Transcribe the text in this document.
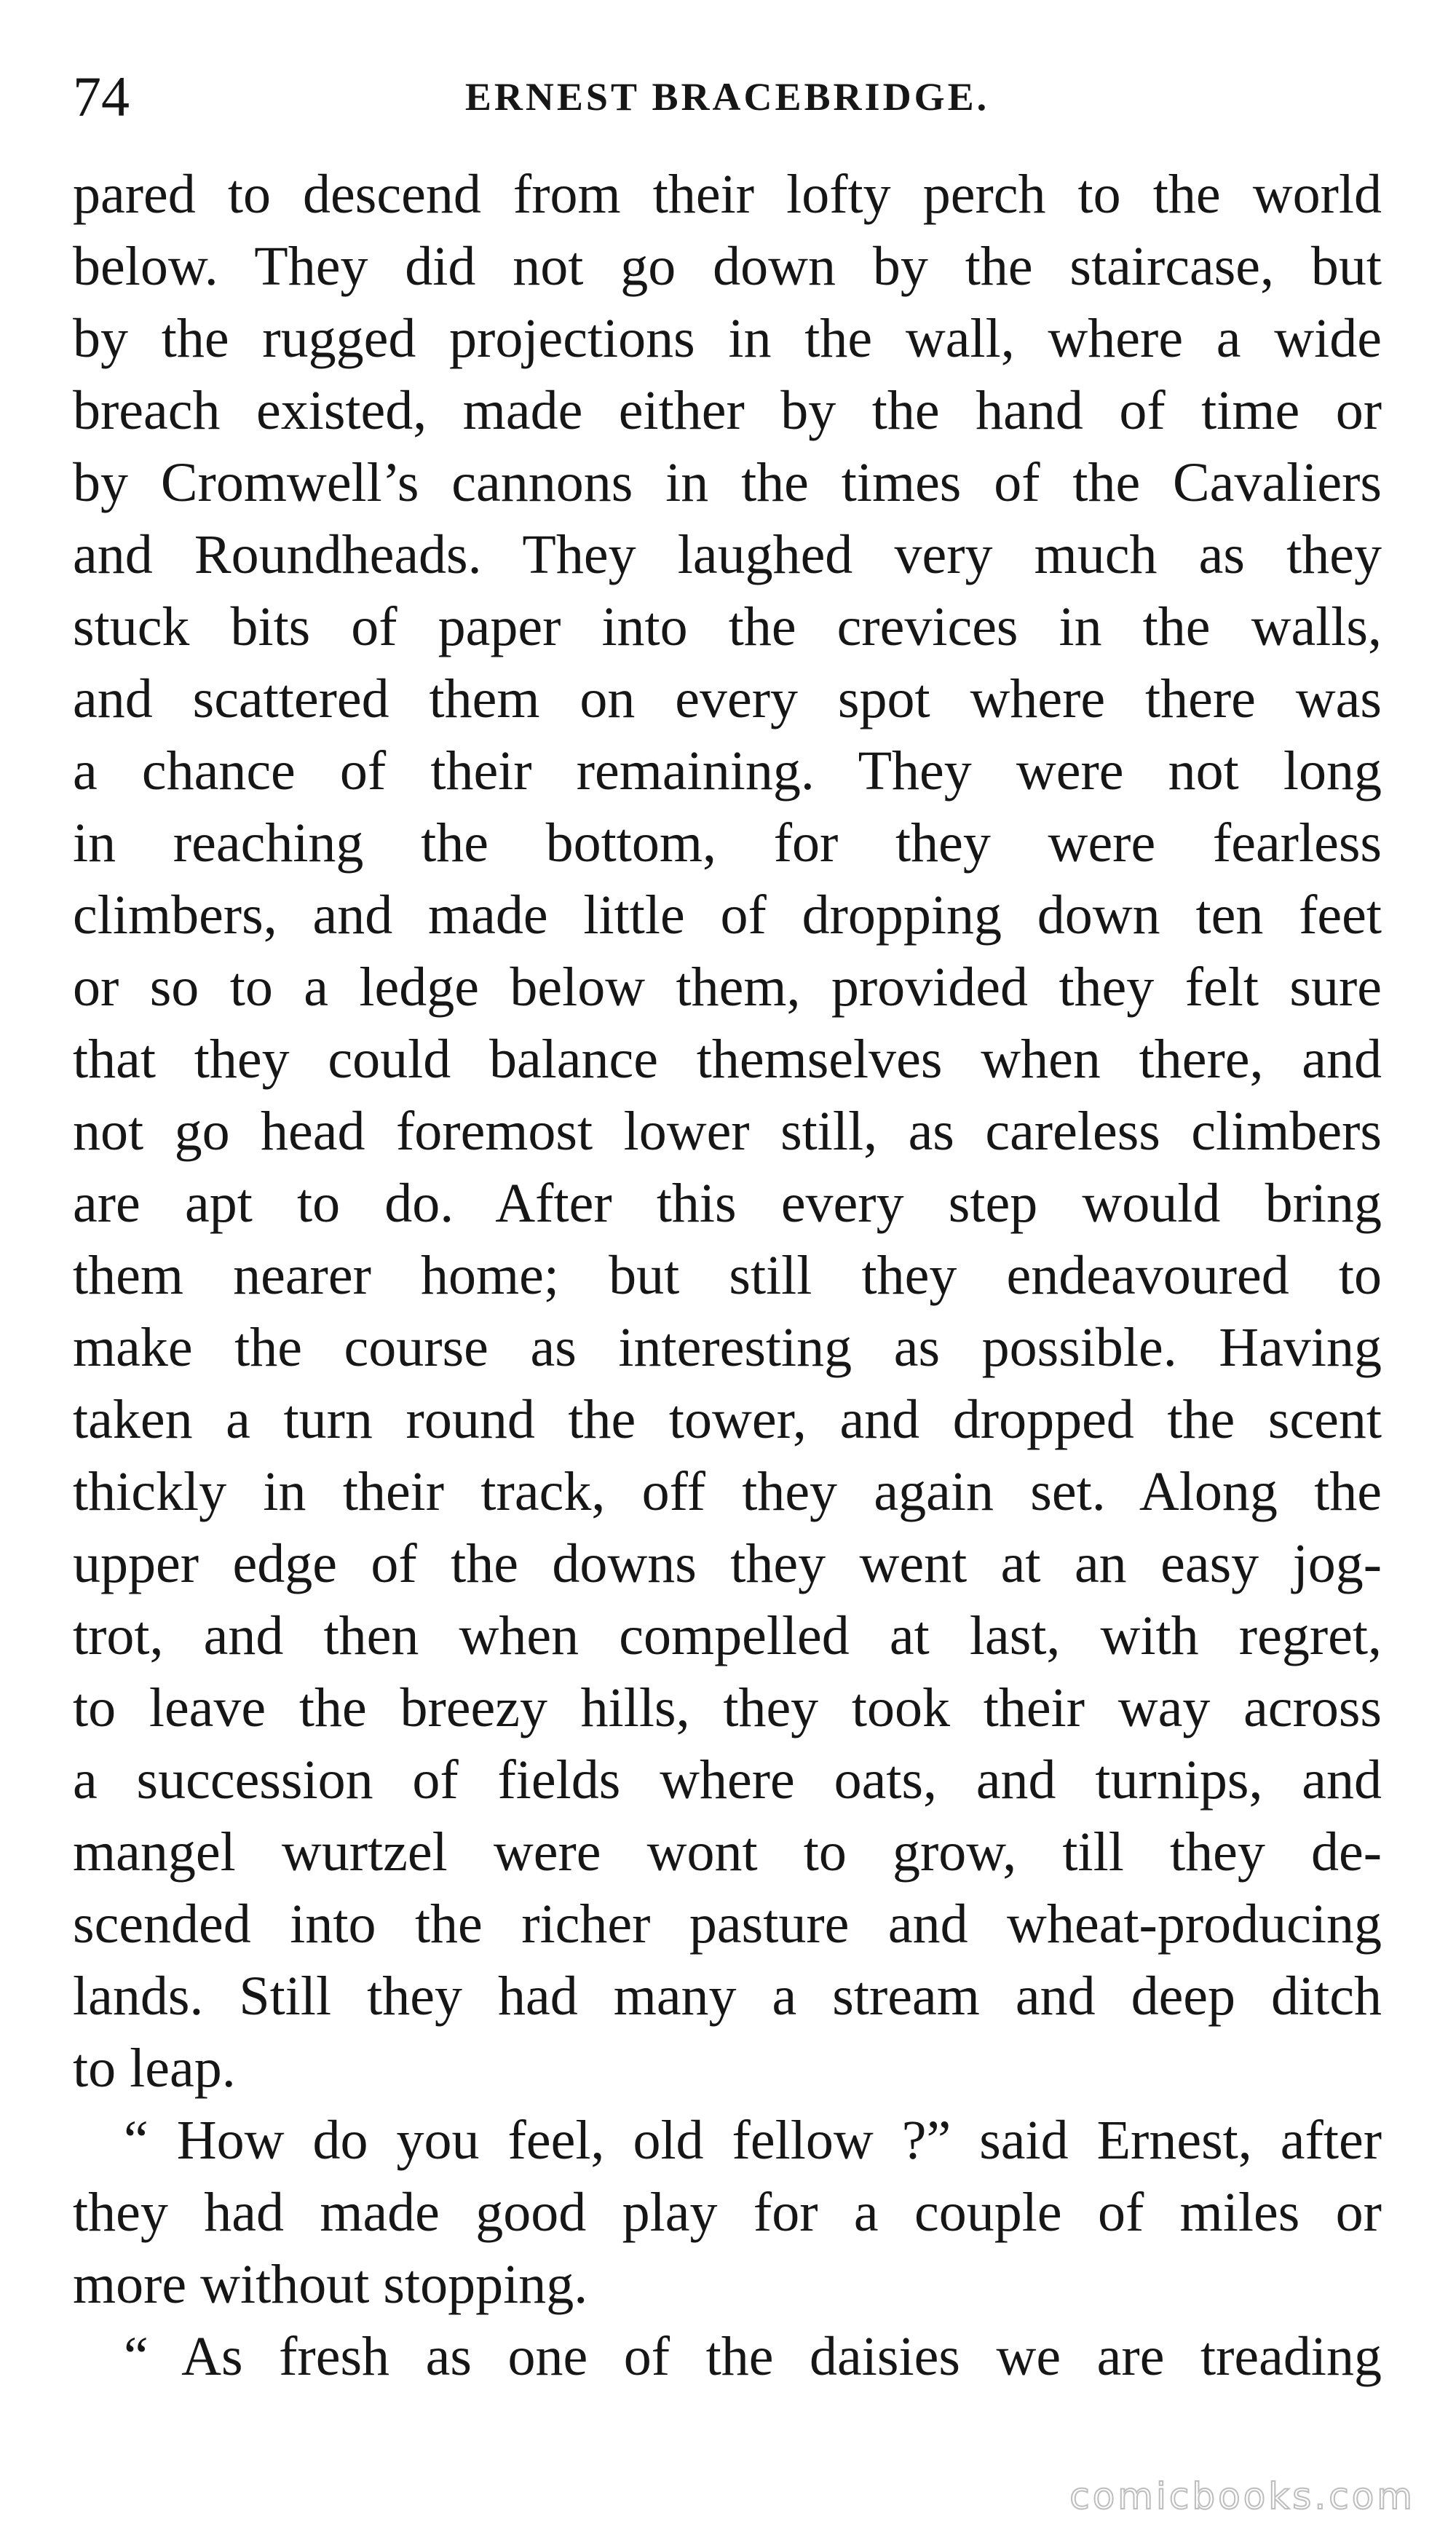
74	ERNEST BRACEBRIDGE.
pared to descend from their lofty perch to the world
below. They did not go down by the staircase, but
by the rugged projections in the wall, where a wide
breach existed, made either by the hand of time or
by Cromwell’s cannons in the times of the Cavaliers
and Roundheads. They laughed very much as they
stuck bits of paper into the crevices in the walls,
and scattered them on every spot where there was
a chance of their remaining. They were not long
in reaching the bottom, for they were fearless
climbers, and made little of dropping down ten feet
or so to a ledge below them, provided they felt sure
that they could balance themselves when there, and
not go head foremost lower still, as careless climbers
are apt to do. After this every step would bring
them nearer home; but still they endeavoured to
make the course as interesting as possible. Having
taken a turn round the tower, and dropped the scent
thickly in their track, off they again set. Along the
upper edge of the downs they went at an easy jog-
trot, and then when compelled at last, with regret,
to leave the breezy hills, they took their way across
a succession of fields where oats, and turnips, and
mangel wurtzel were wont to grow, till they de-
scended into the richer pasture and wheat-producing
lands. Still they had many a stream and deep ditch
to leap.
“ How do you feel, old fellow ?” said Ernest, after
they had made good play for a couple of miles or
more without stopping.
“ As fresh as one of the daisies we are treading
comicbooks.com
